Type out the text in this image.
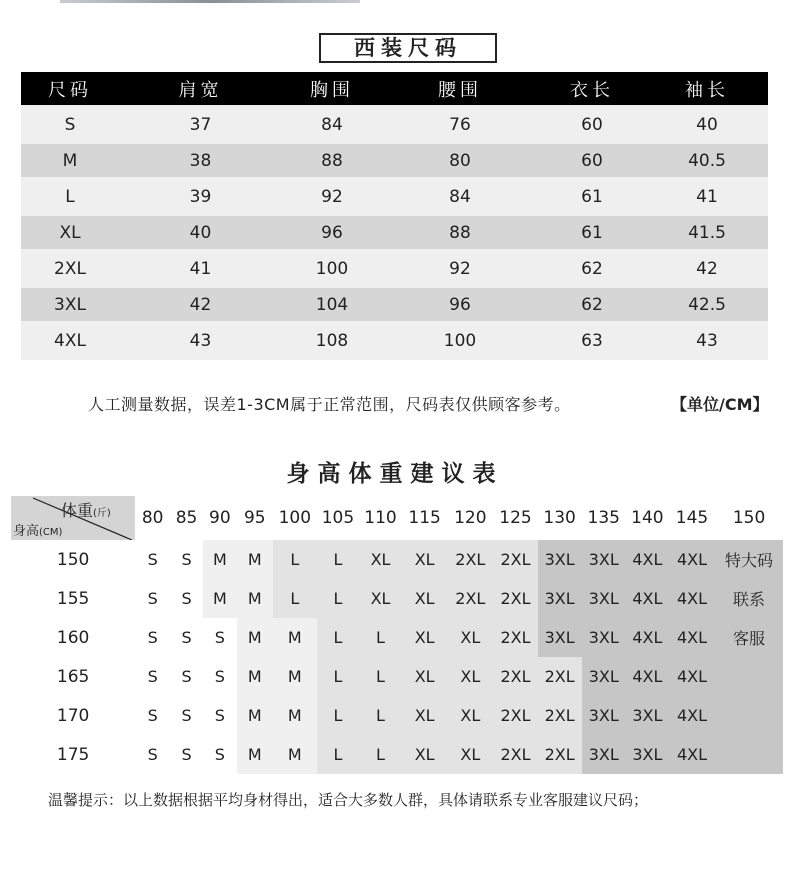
西装尺码
尺码	肩宽	胸围	腰围	衣长	袖长
S	37	84	76	60	40
M	38	88	80	60	40.5
L	39	92	84	61	41
XL	40	96	88	61	41.5
2XL	41	100	92	62	42
3XL	42	104	96	62	42.5
4XL	43	108	100	63	43
人工测量数据，误差1-3CM属于正常范围，尺码表仅供顾客参考。	【单位/CM】
身高体重建议表
体重(斤)
身高(CM)	80	85	90	95	100	105	110	115	120	125	130	135	140	145	150
150	S	S	M	M	L	L	XL	XL	2XL	2XL	3XL	3XL	4XL	4XL	特大码
155	S	S	M	M	L	L	XL	XL	2XL	2XL	3XL	3XL	4XL	4XL	联系
160	S	S	S	M	M	L	L	XL	XL	2XL	3XL	3XL	4XL	4XL	客服
165	S	S	S	M	M	L	L	XL	XL	2XL	2XL	3XL	4XL	4XL	
170	S	S	S	M	M	L	L	XL	XL	2XL	2XL	3XL	3XL	4XL	
175	S	S	S	M	M	L	L	XL	XL	2XL	2XL	3XL	3XL	4XL	
温馨提示：以上数据根据平均身材得出，适合大多数人群，具体请联系专业客服建议尺码；
